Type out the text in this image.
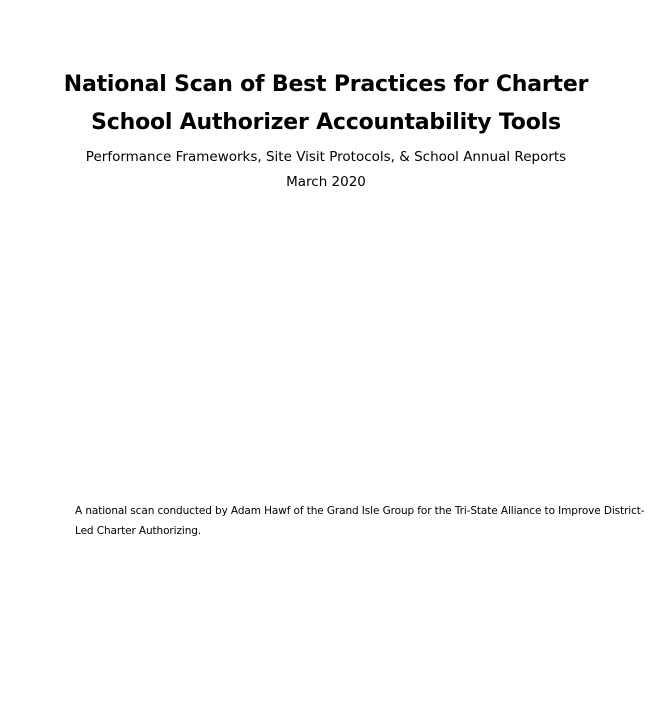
National Scan of Best Practices for Charter
School Authorizer Accountability Tools
Performance Frameworks, Site Visit Protocols, & School Annual Reports
March 2020

A national scan conducted by Adam Hawf of the Grand Isle Group for the Tri-State Alliance to Improve District-Led Charter Authorizing.
